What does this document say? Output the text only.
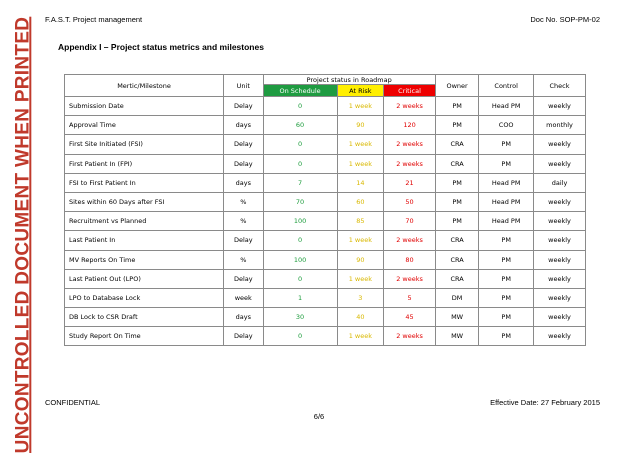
F.A.S.T. Project management	Doc No. SOP-PM-02
UNCONTROLLED DOCUMENT WHEN PRINTED	Appendix I – Project status metrics and milestones
Mertic/Milestone	Unit	Project status in Roadmap			Owner	Control	Check
		On Schedule	At Risk	Critical			
Submission Date	Delay	0	1 week	2 weeks	PM	Head PM	weekly
Approval Time	days	60	90	120	PM	COO	monthly
First Site Initiated (FSI)	Delay	0	1 week	2 weeks	CRA	PM	weekly
First Patient In (FPI)	Delay	0	1 week	2 weeks	CRA	PM	weekly
FSI to First Patient In	days	7	14	21	PM	Head PM	daily
Sites within 60 Days after FSI	%	70	60	50	PM	Head PM	weekly
Recruitment vs Planned	%	100	85	70	PM	Head PM	weekly
Last Patient In	Delay	0	1 week	2 weeks	CRA	PM	weekly
MV Reports On Time	%	100	90	80	CRA	PM	weekly
Last Patient Out (LPO)	Delay	0	1 week	2 weeks	CRA	PM	weekly
LPO to Database Lock	week	1	3	5	DM	PM	weekly
DB Lock to CSR Draft	days	30	40	45	MW	PM	weekly
Study Report On Time	Delay	0	1 week	2 weeks	MW	PM	weekly
CONFIDENTIAL	Effective Date: 27 February 2015
6/6
